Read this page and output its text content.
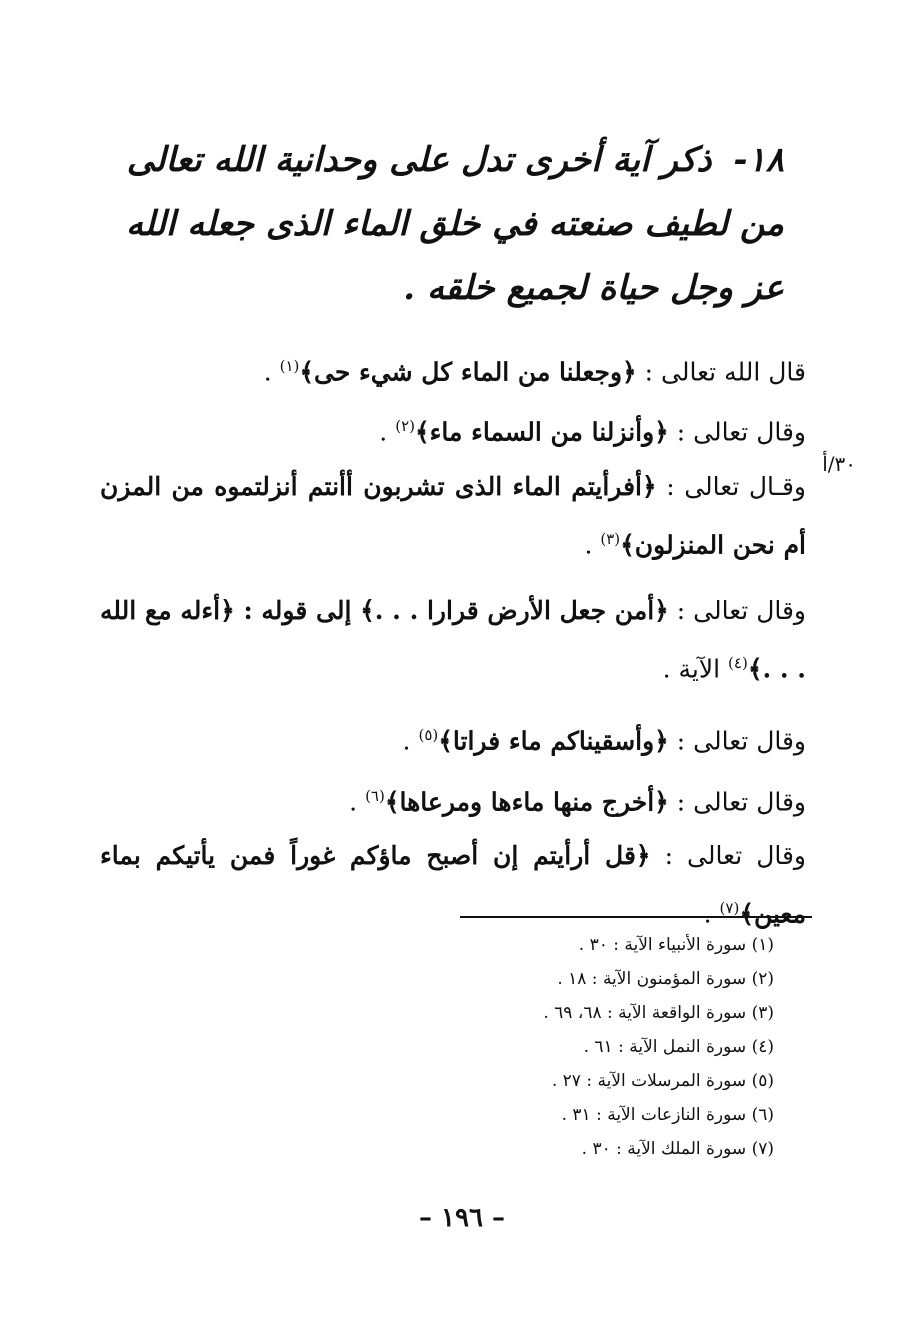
١٨- ذكر آية أخرى تدل على وحدانية الله تعالى من لطيف صنعته في خلق الماء الذى جعله الله عز وجل حياة لجميع خلقه .
٣٠/أ

قال الله تعالى : ﴿وجعلنا من الماء كل شيء حى﴾$^{(١)}$ .

وقال تعالى : ﴿وأنزلنا من السماء ماء﴾$^{(٢)}$ .

وقـال تعالى : ﴿أفرأيتم الماء الذى تشربون أأنتم أنزلتموه من المزن أم نحن المنزلون﴾$^{(٣)}$ .

وقال تعالى : ﴿أمن جعل الأرض قرارا . . .﴾ إلى قوله : ﴿أءله مع الله . . .﴾$^{(٤)}$ الآية .

وقال تعالى : ﴿وأسقيناكم ماء فراتا﴾$^{(٥)}$ .

وقال تعالى : ﴿أخرج منها ماءها ومرعاها﴾$^{(٦)}$ .

وقال تعالى : ﴿قل أرأيتم إن أصبح ماؤكم غوراً فمن يأتيكم بماء معين﴾$^{(٧)}$ .

(١) سورة الأنبياء الآية : ٣٠ .
(٢) سورة المؤمنون الآية : ١٨ .
(٣) سورة الواقعة الآية : ٦٨، ٦٩ .
(٤) سورة النمل الآية : ٦١ .
(٥) سورة المرسلات الآية : ٢٧ .
(٦) سورة النازعات الآية : ٣١ .
(٧) سورة الملك الآية : ٣٠ .
– ١٩٦ –
